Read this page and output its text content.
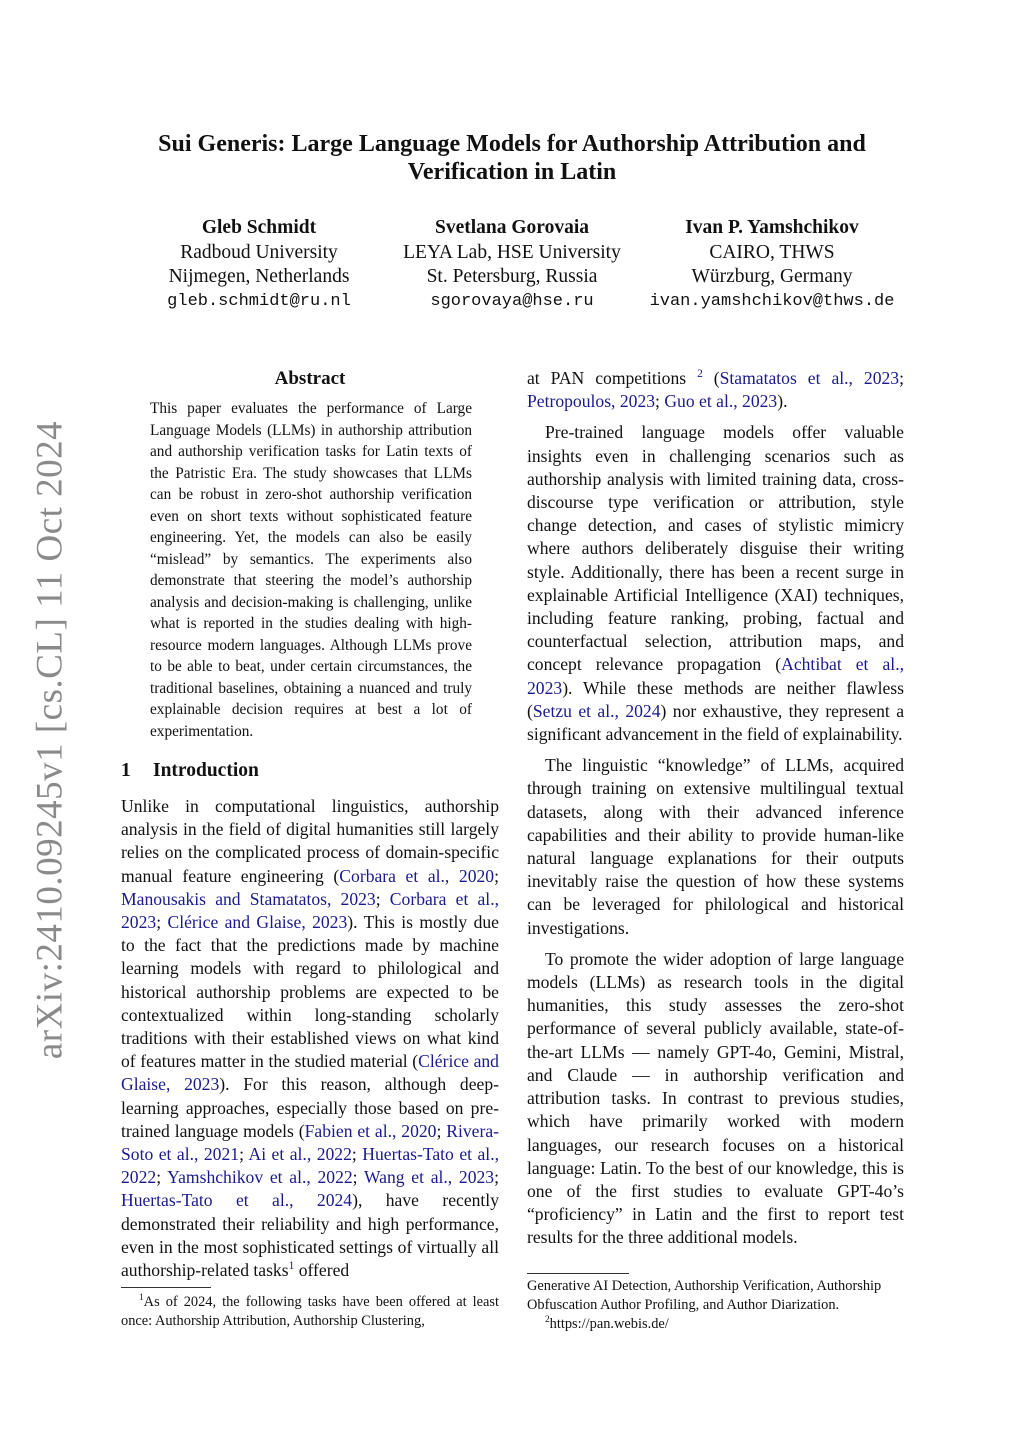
arXiv:2410.09245v1 [cs.CL] 11 Oct 2024
Sui Generis: Large Language Models for Authorship Attribution and
Verification in Latin
Gleb Schmidt
Radboud University
Nijmegen, Netherlands
gleb.schmidt@ru.nl
Svetlana Gorovaia
LEYA Lab, HSE University
St. Petersburg, Russia
sgorovaya@hse.ru
Ivan P. Yamshchikov
CAIRO, THWS
Würzburg, Germany
ivan.yamshchikov@thws.de
Abstract
This paper evaluates the performance of Large Language Models (LLMs) in authorship attribution and authorship verification tasks for Latin texts of the Patristic Era. The study showcases that LLMs can be robust in zero-shot authorship verification even on short texts without sophisticated feature engineering. Yet, the models can also be easily “mislead” by semantics. The experiments also demonstrate that steering the model’s authorship analysis and decision-making is challenging, unlike what is reported in the studies dealing with high-resource modern languages. Although LLMs prove to be able to beat, under certain circumstances, the traditional baselines, obtaining a nuanced and truly explainable decision requires at best a lot of experimentation.
1 Introduction

Unlike in computational linguistics, authorship analysis in the field of digital humanities still largely relies on the complicated process of domain-specific manual feature engineering (Corbara et al., 2020; Manousakis and Stamatatos, 2023; Corbara et al., 2023; Clérice and Glaise, 2023). This is mostly due to the fact that the predictions made by machine learning models with regard to philological and historical authorship problems are expected to be contextualized within long-standing scholarly traditions with their established views on what kind of features matter in the studied material (Clérice and Glaise, 2023). For this reason, although deep-learning approaches, especially those based on pre-trained language models (Fabien et al., 2020; Rivera-Soto et al., 2021; Ai et al., 2022; Huertas-Tato et al., 2022; Yamshchikov et al., 2022; Wang et al., 2023; Huertas-Tato et al., 2024), have recently demonstrated their reliability and high performance, even in the most sophisticated settings of virtually all authorship-related tasks$^1$ offered

$^1$As of 2024, the following tasks have been offered at least once: Authorship Attribution, Authorship Clustering,

at PAN competitions $^2$ (Stamatatos et al., 2023; Petropoulos, 2023; Guo et al., 2023).

Pre-trained language models offer valuable insights even in challenging scenarios such as authorship analysis with limited training data, cross-discourse type verification or attribution, style change detection, and cases of stylistic mimicry where authors deliberately disguise their writing style. Additionally, there has been a recent surge in explainable Artificial Intelligence (XAI) techniques, including feature ranking, probing, factual and counterfactual selection, attribution maps, and concept relevance propagation (Achtibat et al., 2023). While these methods are neither flawless (Setzu et al., 2024) nor exhaustive, they represent a significant advancement in the field of explainability.

The linguistic “knowledge” of LLMs, acquired through training on extensive multilingual textual datasets, along with their advanced inference capabilities and their ability to provide human-like natural language explanations for their outputs inevitably raise the question of how these systems can be leveraged for philological and historical investigations.

To promote the wider adoption of large language models (LLMs) as research tools in the digital humanities, this study assesses the zero-shot performance of several publicly available, state-of-the-art LLMs — namely GPT-4o, Gemini, Mistral, and Claude — in authorship verification and attribution tasks. In contrast to previous studies, which have primarily worked with modern languages, our research focuses on a historical language: Latin. To the best of our knowledge, this is one of the first studies to evaluate GPT-4o’s “proficiency” in Latin and the first to report test results for the three additional models.

Generative AI Detection, Authorship Verification, Authorship Obfuscation Author Profiling, and Author Diarization.
$^2$https://pan.webis.de/
